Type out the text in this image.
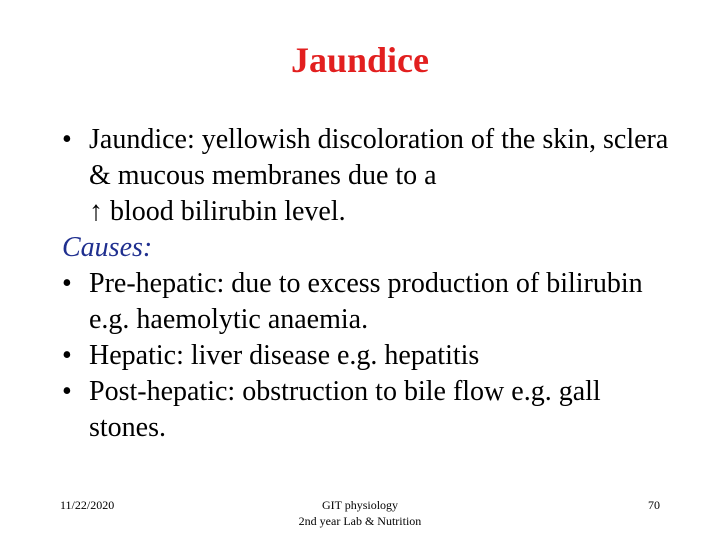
Jaundice
• Jaundice: yellowish discoloration of the skin, sclera & mucous membranes due to a
↑ blood bilirubin level.
Causes:
• Pre-hepatic: due to excess production of bilirubin e.g. haemolytic anaemia.
• Hepatic: liver disease e.g. hepatitis
• Post-hepatic: obstruction to bile flow e.g. gall stones.
11/22/2020	GIT physiology
2nd year Lab & Nutrition
70
